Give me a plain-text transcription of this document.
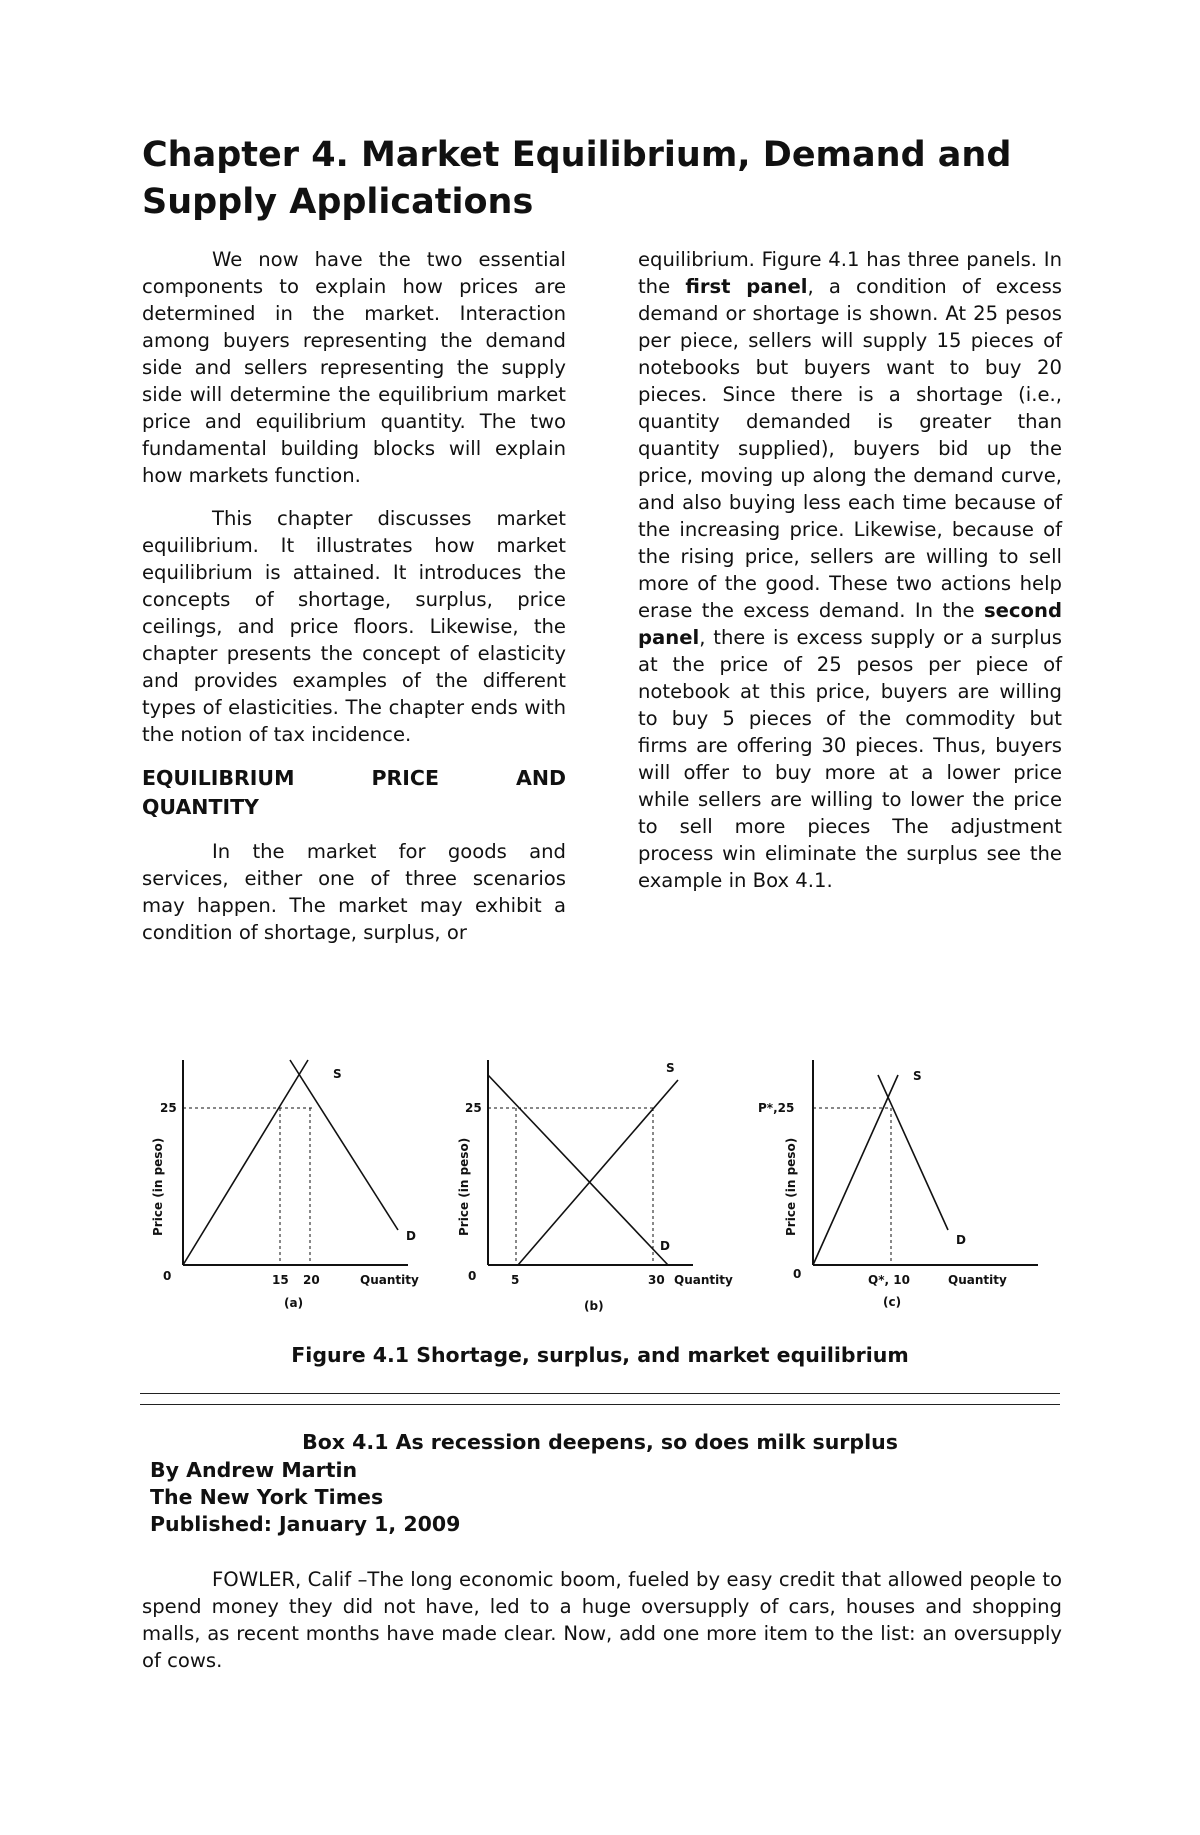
Chapter 4. Market Equilibrium, Demand and Supply Applications

We now have the two essential components to explain how prices are determined in the market. Interaction among buyers representing the demand side and sellers representing the supply side will determine the equilibrium market price and equilibrium quantity. The two fundamental building blocks will explain how markets function.

This chapter discusses market equilibrium. It illustrates how market equilibrium is attained. It introduces the concepts of shortage, surplus, price ceilings, and price floors. Likewise, the chapter presents the concept of elasticity and provides examples of the different types of elasticities. The chapter ends with the notion of tax incidence.

EQUILIBRIUM PRICE AND
QUANTITY

In the market for goods and services, either one of three scenarios may happen. The market may exhibit a condition of shortage, surplus, or

equilibrium. Figure 4.1 has three panels. In the first panel, a condition of excess demand or shortage is shown. At 25 pesos per piece, sellers will supply 15 pieces of notebooks but buyers want to buy 20 pieces. Since there is a shortage (i.e., quantity demanded is greater than quantity supplied), buyers bid up the price, moving up along the demand curve, and also buying less each time because of the increasing price. Likewise, because of the rising price, sellers are willing to sell more of the good. These two actions help erase the excess demand. In the second panel, there is excess supply or a surplus at the price of 25 pesos per piece of notebook at this price, buyers are willing to buy 5 pieces of the commodity but firms are offering 30 pieces. Thus, buyers will offer to buy more at a lower price while sellers are willing to lower the price to sell more pieces The adjustment process win eliminate the surplus see the example in Box 4.1.

25
0	15 20	Quantity
S
D
Price (in peso)
(a)
25
0	5	30 Quantity
S
D
Price (in peso)
(b)
P*,25
0	Q*, 10	Quantity
S
D
Price (in peso)
(c)
Figure 4.1 Shortage, surplus, and market equilibrium
Box 4.1 As recession deepens, so does milk surplus
By Andrew Martin
The New York Times
Published: January 1, 2009

FOWLER, Calif –The long economic boom, fueled by easy credit that allowed people to spend money they did not have, led to a huge oversupply of cars, houses and shopping malls, as recent months have made clear. Now, add one more item to the list: an oversupply of cows.
